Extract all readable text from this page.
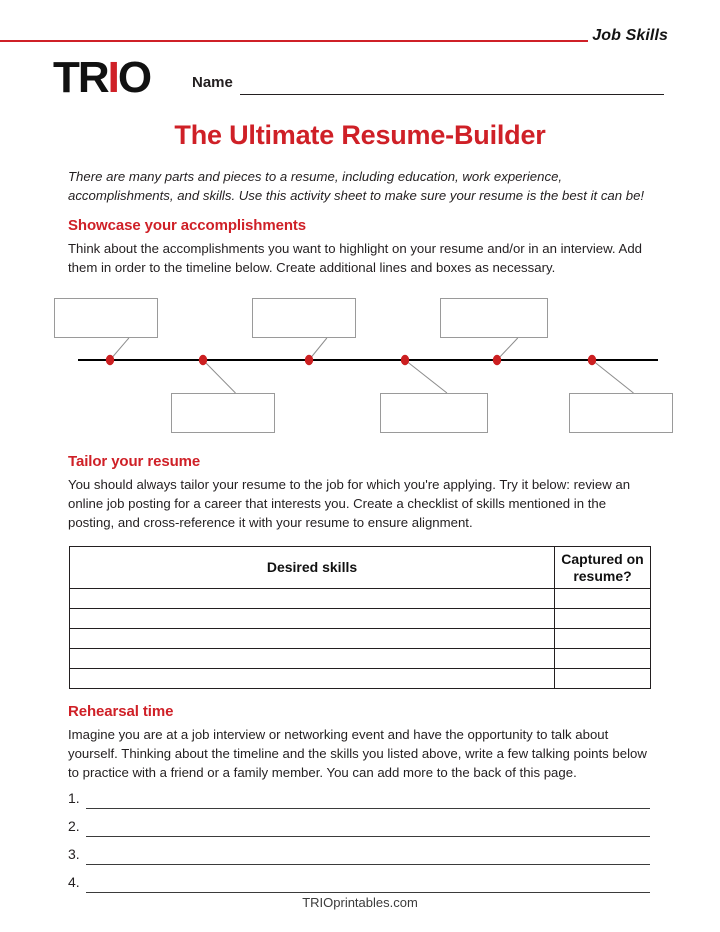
Job Skills
TR I O	Name
The Ultimate Resume-Builder
There are many parts and pieces to a resume, including education, work experience, accomplishments, and skills. Use this activity sheet to make sure your resume is the best it can be!
Showcase your accomplishments
Think about the accomplishments you want to highlight on your resume and/or in an interview. Add them in order to the timeline below. Create additional lines and boxes as necessary.
Tailor your resume
You should always tailor your resume to the job for which you're applying. Try it below: review an online job posting for a career that interests you. Create a checklist of skills mentioned in the posting, and cross-reference it with your resume to ensure alignment.
Desired skills	Captured on resume?

Rehearsal time
Imagine you are at a job interview or networking event and have the opportunity to talk about yourself. Thinking about the timeline and the skills you listed above, write a few talking points below to practice with a friend or a family member. You can add more to the back of this page.
1.
2.
3.
4.
TRIOprintables.com
